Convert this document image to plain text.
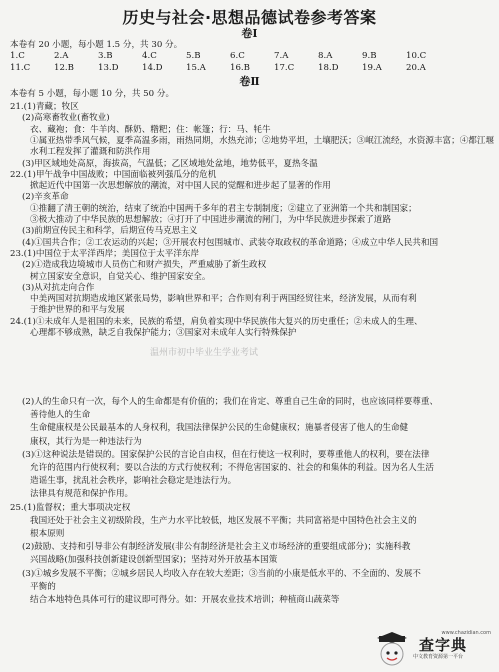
历史与社会·思想品德试卷参考答案
卷Ⅰ
本卷有 20 小题，每小题 1.5 分，共 30 分。
1.C	2.A	3.B	4.C	5.B	6.C	7.A	8.A	9.B	10.C
11.C	12.B	13.D	14.D	15.A	16.B	17.C	18.D	19.A	20.A
卷Ⅱ
本卷有 5 小题，每小题 10 分，共 50 分。
21.(1)青藏；牧区
(2)高寒畜牧业(畜牧业)
衣、藏袍；食：牛羊肉、酥奶、糌粑；住：帐篷；行：马、牦牛
①属亚热带季风气候，夏季高温多雨，雨热同期，水热充沛；②地势平坦，土壤肥沃；③岷江流经，水资源丰富；④都江堰
水利工程发挥了灌溉和防洪作用
(3)甲区域地处高原，海拔高，气温低；乙区域地处盆地，地势低平，夏热冬温
22.(1)甲午战争中国战败；中国面临被列强瓜分的危机
掀起近代中国第一次思想解放的潮流，对中国人民的觉醒和进步起了显著的作用
(2)辛亥革命
①推翻了清王朝的统治，结束了统治中国两千多年的君主专制制度；②建立了亚洲第一个共和制国家；
③极大推动了中华民族的思想解放；④打开了中国进步潮流的闸门，为中华民族进步探索了道路
(3)前期宣传民主和科学，后期宣传马克思主义
(4)①国共合作；②工农运动的兴起；③开展农村包围城市、武装夺取政权的革命道路；④成立中华人民共和国
23.(1)中国位于太平洋西岸；美国位于太平洋东岸
(2)①造成我边境城市人员伤亡和财产损失，严重威胁了新生政权
树立国家安全意识，自觉关心、维护国家安全。
(3)从对抗走向合作
中美两国对抗期造成地区紧张局势，影响世界和平；合作则有利于两国经贸往来，经济发展，从而有利
于维护世界的和平与发展
24.(1)①未成年人是祖国的未来，民族的希望，肩负着实现中华民族伟大复兴的历史重任；②未成人的生理、
心理都不够成熟，缺乏自我保护能力；③国家对未成年人实行特殊保护
温州市初中毕业生学业考试
(2)人的生命只有一次，每个人的生命都是有价值的；我们在肯定、尊重自己生命的同时，也应该同样要尊重、
善待他人的生命
生命健康权是公民最基本的人身权利，我国法律保护公民的生命健康权；施暴者侵害了他人的生命健
康权，其行为是一种违法行为
(3)①这种说法是错误的。国家保护公民的言论自由权，但在行使这一权利时，要尊重他人的权利，要在法律
允许的范围内行使权利；要以合法的方式行使权利；不得危害国家的、社会的和集体的利益。因为名人生活
造谣生事，扰乱社会秩序，影响社会稳定是违法行为。
法律具有规范和保护作用。
25.(1)监督权；重大事项决定权
我国还处于社会主义初级阶段，生产力水平比较低，地区发展不平衡；共同富裕是中国特色社会主义的
根本原则
(2)鼓励、支持和引导非公有制经济发展(非公有制经济是社会主义市场经济的重要组成部分)；实施科教
兴国战略(加强科技创新建设创新型国家)；坚持对外开放基本国策
(3)①城乡发展不平衡；②城乡居民人均收入存在较大差距；③当前的小康是低水平的、不全面的、发展不
平衡的
结合本地特色具体可行的建议即可得分。如：开展农业技术培训；种植商山蔬菜等
查字典
www.chazidian.com
中文教育资源第一平台
